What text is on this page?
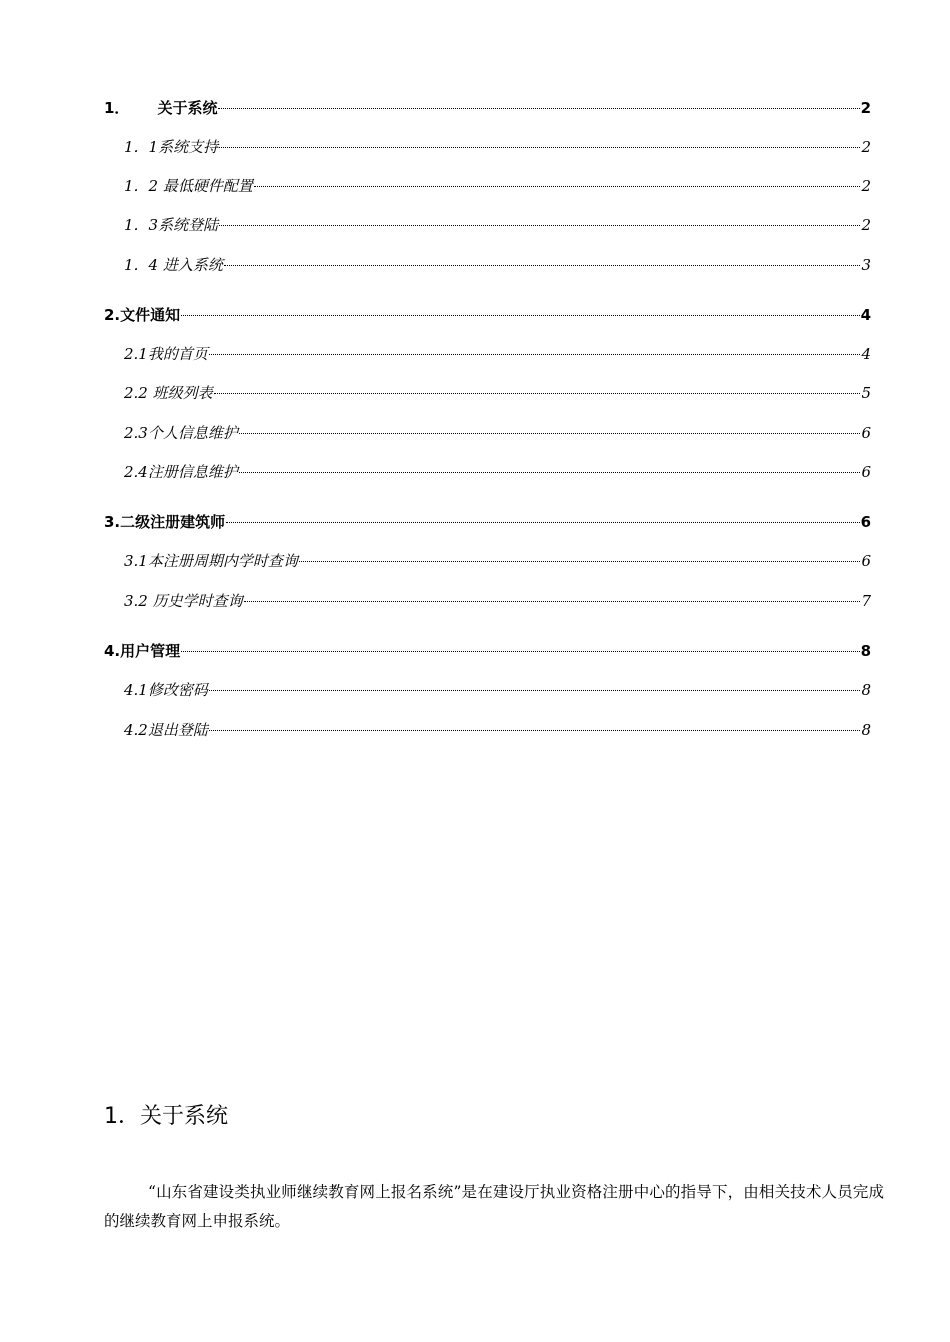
1． 关于系统	2
1．1系统支持	2
1．2 最低硬件配置	2
1．3系统登陆	2
1．4 进入系统	3
2.文件通知	4
2.1我的首页	4
2.2 班级列表	5
2.3个人信息维护	6
2.4注册信息维护	6
3.二级注册建筑师	6
3.1本注册周期内学时查询	6
3.2 历史学时查询	7
4.用户管理	8
4.1修改密码	8
4.2退出登陆	8
1．关于系统

“山东省建设类执业师继续教育网上报名系统”是在建设厅执业资格注册中心的指导下，由相关技术人员完成的继续教育网上申报系统。
